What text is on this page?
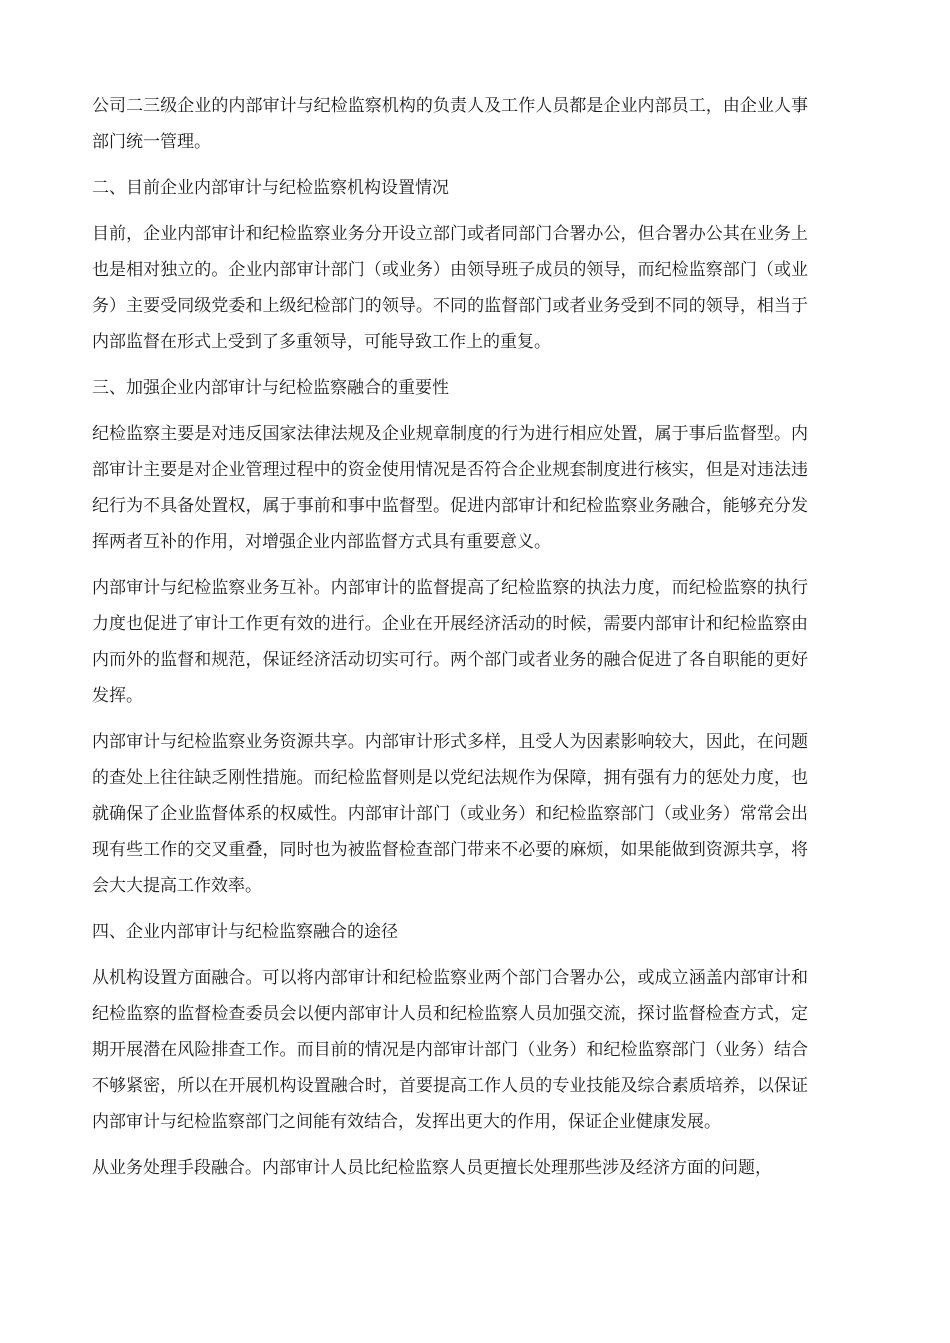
公司二三级企业的内部审计与纪检监察机构的负责人及工作人员都是企业内部员工，由企业人事部门统一管理。

二、目前企业内部审计与纪检监察机构设置情况

目前，企业内部审计和纪检监察业务分开设立部门或者同部门合署办公，但合署办公其在业务上也是相对独立的。企业内部审计部门（或业务）由领导班子成员的领导，而纪检监察部门（或业务）主要受同级党委和上级纪检部门的领导。不同的监督部门或者业务受到不同的领导，相当于内部监督在形式上受到了多重领导，可能导致工作上的重复。

三、加强企业内部审计与纪检监察融合的重要性

纪检监察主要是对违反国家法律法规及企业规章制度的行为进行相应处置，属于事后监督型。内部审计主要是对企业管理过程中的资金使用情况是否符合企业规套制度进行核实，但是对违法违纪行为不具备处置权，属于事前和事中监督型。促进内部审计和纪检监察业务融合，能够充分发挥两者互补的作用，对增强企业内部监督方式具有重要意义。

内部审计与纪检监察业务互补。内部审计的监督提高了纪检监察的执法力度，而纪检监察的执行力度也促进了审计工作更有效的进行。企业在开展经济活动的时候，需要内部审计和纪检监察由内而外的监督和规范，保证经济活动切实可行。两个部门或者业务的融合促进了各自职能的更好发挥。

内部审计与纪检监察业务资源共享。内部审计形式多样，且受人为因素影响较大，因此，在问题的查处上往往缺乏刚性措施。而纪检监督则是以党纪法规作为保障，拥有强有力的惩处力度，也就确保了企业监督体系的权威性。内部审计部门（或业务）和纪检监察部门（或业务）常常会出现有些工作的交叉重叠，同时也为被监督检查部门带来不必要的麻烦，如果能做到资源共享，将会大大提高工作效率。

四、企业内部审计与纪检监察融合的途径

从机构设置方面融合。可以将内部审计和纪检监察业两个部门合署办公，或成立涵盖内部审计和纪检监察的监督检查委员会以便内部审计人员和纪检监察人员加强交流，探讨监督检查方式，定期开展潜在风险排查工作。而目前的情况是内部审计部门（业务）和纪检监察部门（业务）结合不够紧密，所以在开展机构设置融合时，首要提高工作人员的专业技能及综合素质培养，以保证内部审计与纪检监察部门之间能有效结合，发挥出更大的作用，保证企业健康发展。

从业务处理手段融合。内部审计人员比纪检监察人员更擅长处理那些涉及经济方面的问题，
